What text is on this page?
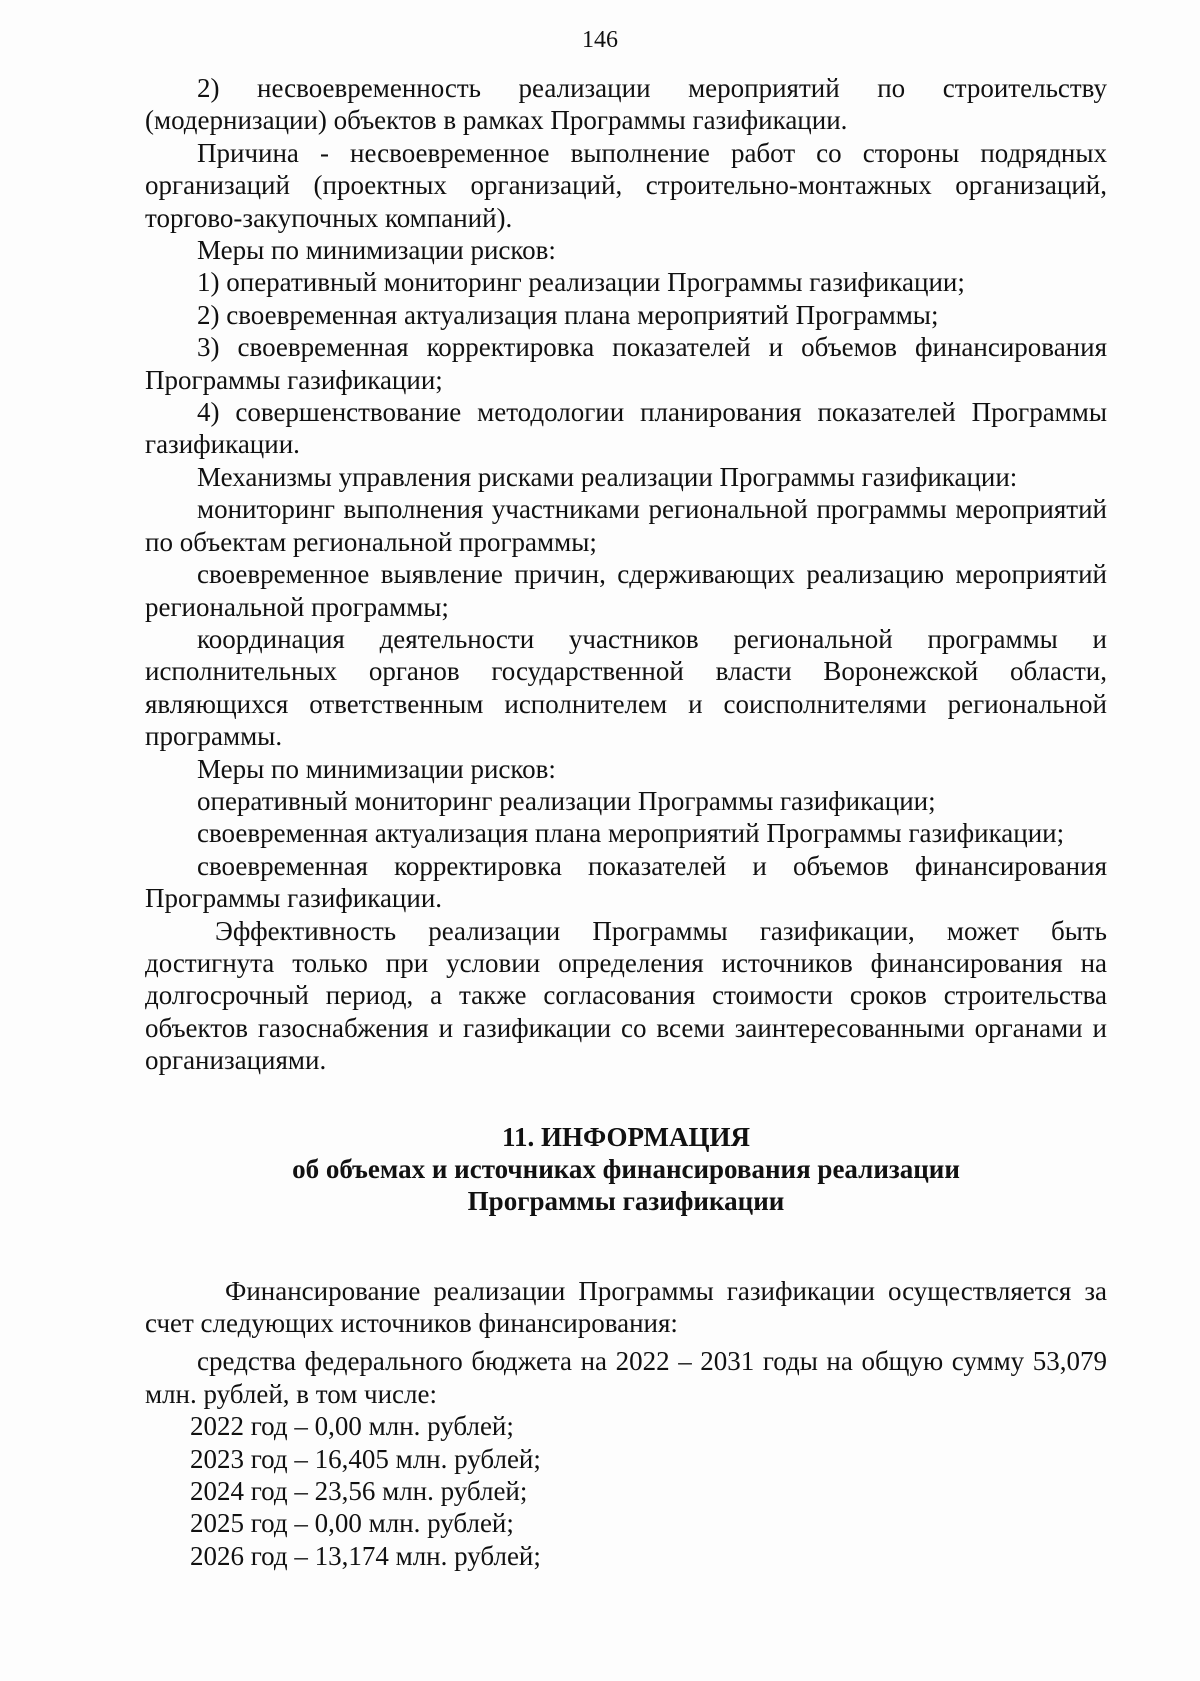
146

2) несвоевременность реализации мероприятий по строительству (модернизации) объектов в рамках Программы газификации.

Причина - несвоевременное выполнение работ со стороны подрядных организаций (проектных организаций, строительно-монтажных организаций, торгово-закупочных компаний).

Меры по минимизации рисков:

1) оперативный мониторинг реализации Программы газификации;

2) своевременная актуализация плана мероприятий Программы;

3) своевременная корректировка показателей и объемов финансирования Программы газификации;

4) совершенствование методологии планирования показателей Программы газификации.

Механизмы управления рисками реализации Программы газификации:

мониторинг выполнения участниками региональной программы мероприятий по объектам региональной программы;

своевременное выявление причин, сдерживающих реализацию мероприятий региональной программы;

координация деятельности участников региональной программы и исполнительных органов государственной власти Воронежской области, являющихся ответственным исполнителем и соисполнителями региональной программы.

Меры по минимизации рисков:

оперативный мониторинг реализации Программы газификации;

своевременная актуализация плана мероприятий Программы газификации;

своевременная корректировка показателей и объемов финансирования Программы газификации.

Эффективность реализации Программы газификации, может быть достигнута только при условии определения источников финансирования на долгосрочный период, а также согласования стоимости сроков строительства объектов газоснабжения и газификации со всеми заинтересованными органами и организациями.

11. ИНФОРМАЦИЯ

об объемах и источниках финансирования реализации

Программы газификации

Финансирование реализации Программы газификации осуществляется за счет следующих источников финансирования:

средства федерального бюджета на 2022 – 2031 годы на общую сумму 53,079 млн. рублей, в том числе:

2022 год – 0,00 млн. рублей;

2023 год – 16,405 млн. рублей;

2024 год – 23,56 млн. рублей;

2025 год – 0,00 млн. рублей;

2026 год – 13,174 млн. рублей;
